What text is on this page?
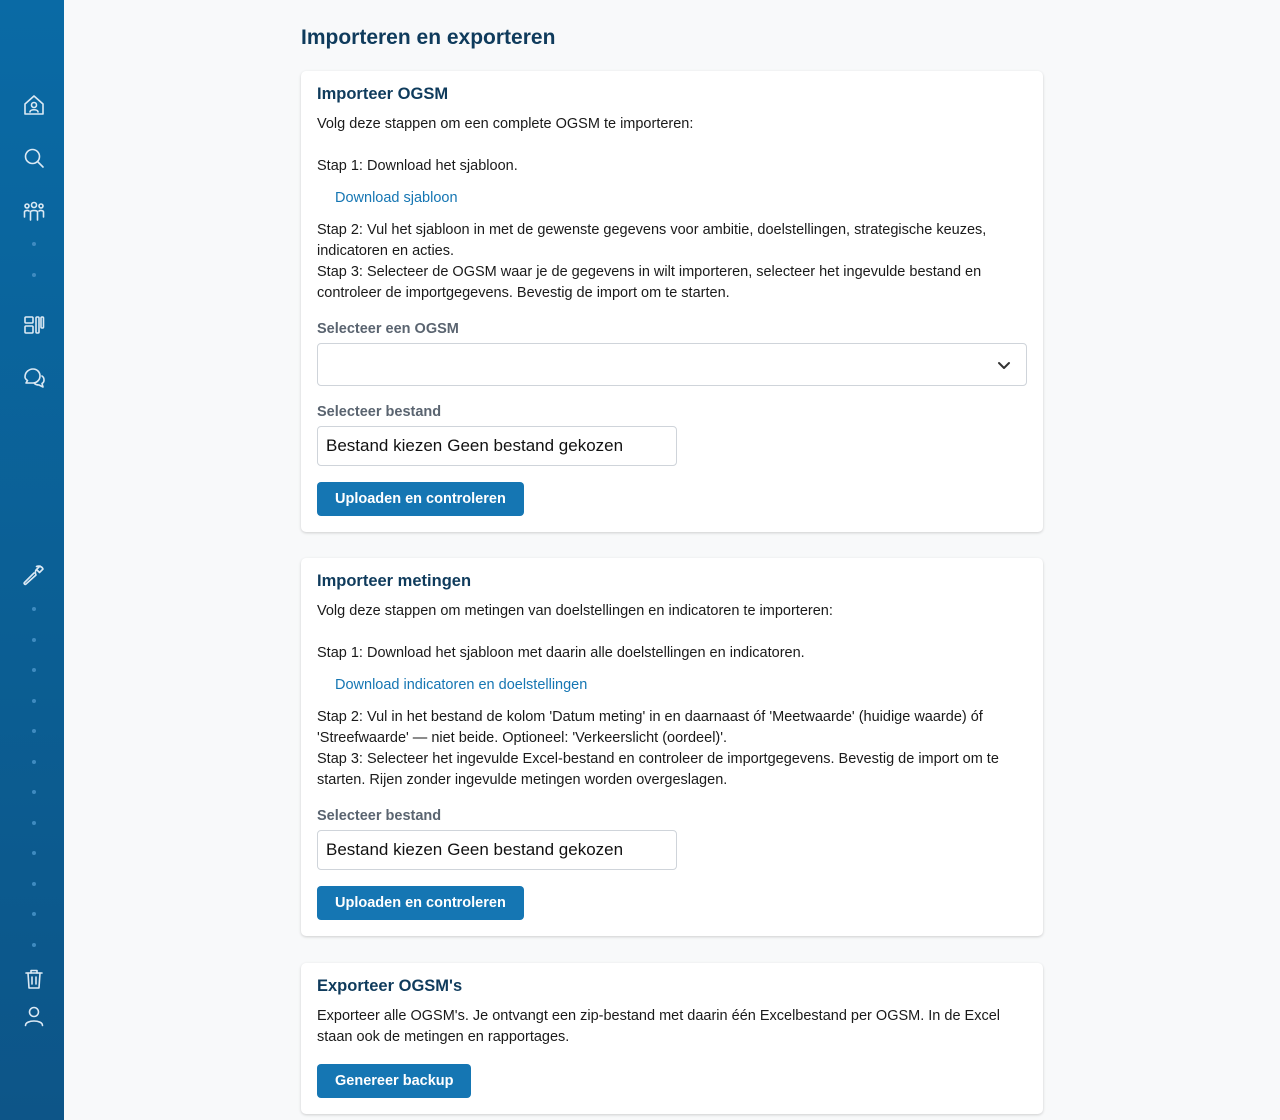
Importeren en exporteren
Importeer OGSM

Volg deze stappen om een complete OGSM te importeren:

Stap 1: Download het sjabloon.

Download sjabloon

Stap 2: Vul het sjabloon in met de gewenste gegevens voor ambitie, doelstellingen, strategische keuzes, indicatoren en acties.

Stap 3: Selecteer de OGSM waar je de gegevens in wilt importeren, selecteer het ingevulde bestand en controleer de importgegevens. Bevestig de import om te starten.

Selecteer een OGSM
Selecteer bestand
Bestand kiezen Geen bestand gekozen
Uploaden en controleren
Importeer metingen

Volg deze stappen om metingen van doelstellingen en indicatoren te importeren:

Stap 1: Download het sjabloon met daarin alle doelstellingen en indicatoren.

Download indicatoren en doelstellingen

Stap 2: Vul in het bestand de kolom 'Datum meting' in en daarnaast óf 'Meetwaarde' (huidige waarde) óf 'Streefwaarde' — niet beide. Optioneel: 'Verkeerslicht (oordeel)'.

Stap 3: Selecteer het ingevulde Excel-bestand en controleer de importgegevens. Bevestig de import om te starten. Rijen zonder ingevulde metingen worden overgeslagen.

Selecteer bestand
Bestand kiezen Geen bestand gekozen
Uploaden en controleren
Exporteer OGSM's

Exporteer alle OGSM's. Je ontvangt een zip-bestand met daarin één Excelbestand per OGSM. In de Excel staan ook de metingen en rapportages.

Genereer backup
